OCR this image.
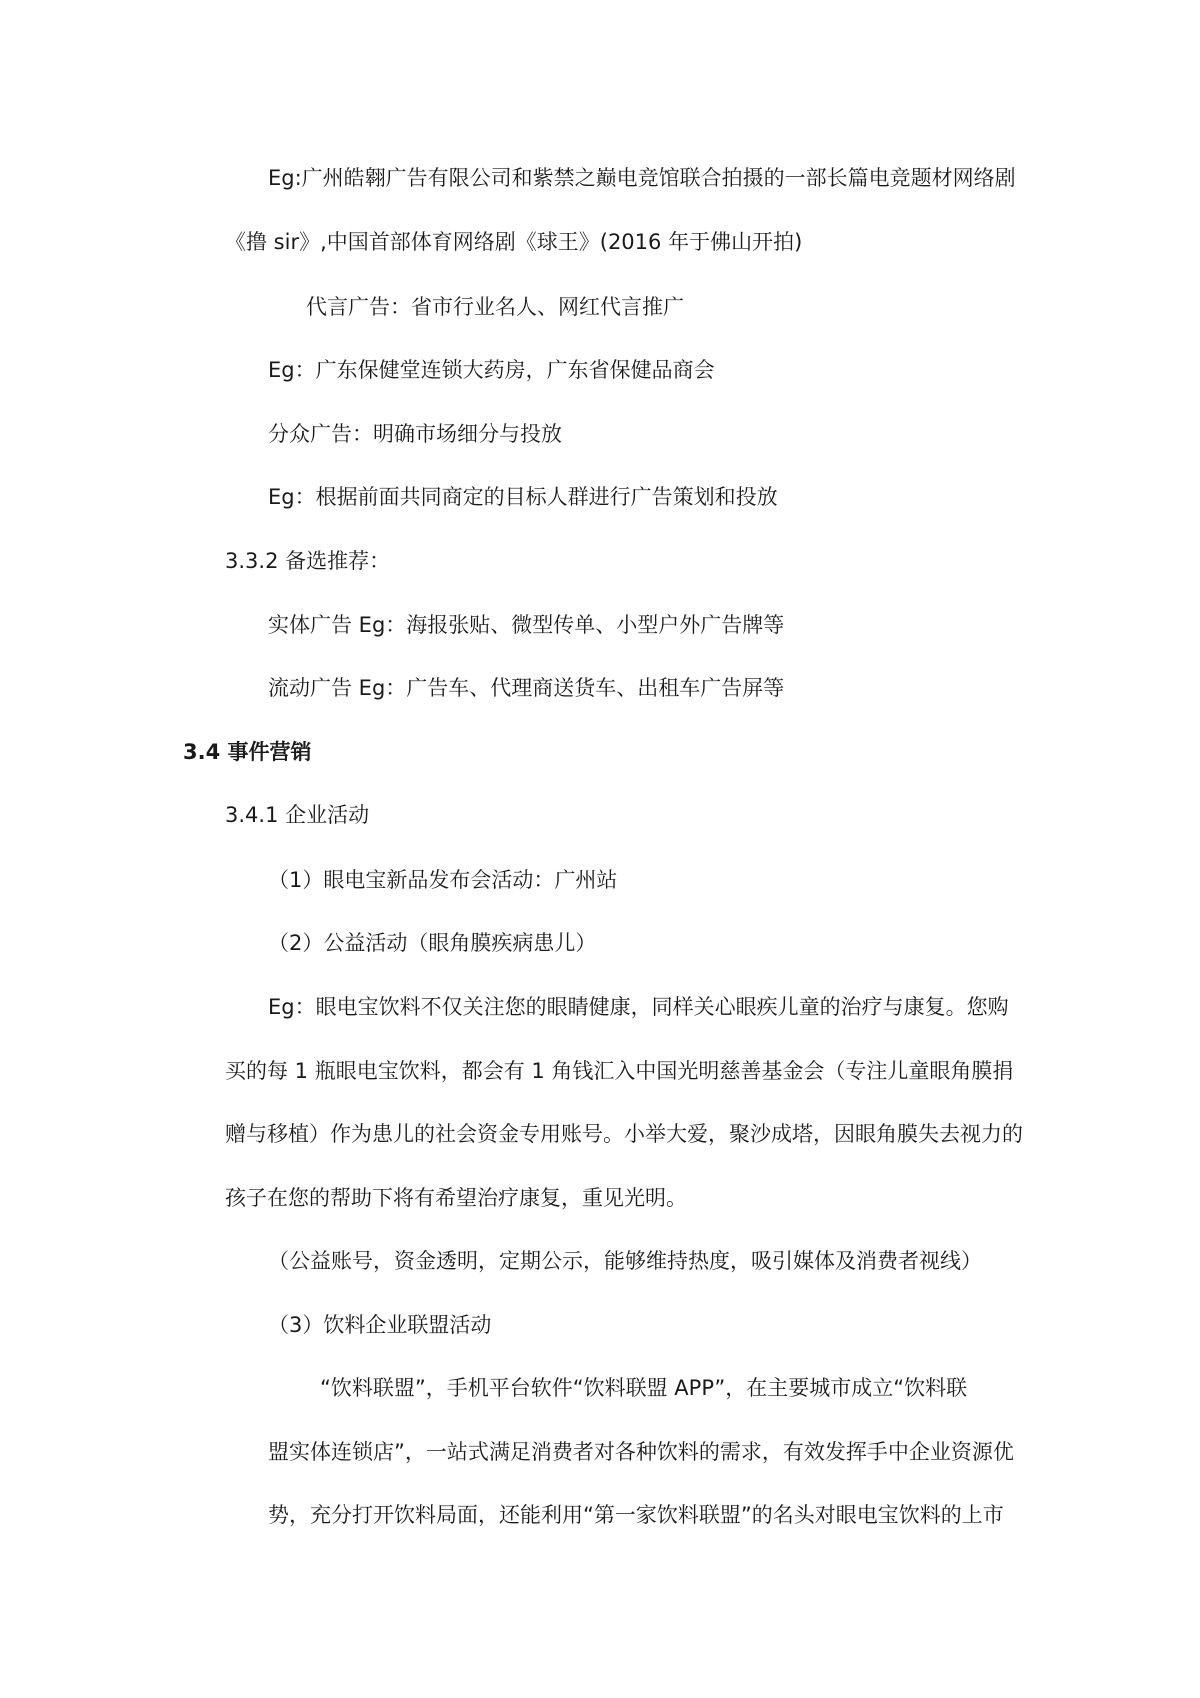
Eg:广州皓翱广告有限公司和紫禁之巅电竞馆联合拍摄的一部长篇电竞题材网络剧
《撸 sir》,中国首部体育网络剧《球王》(2016 年于佛山开拍)
代言广告：省市行业名人、网红代言推广
Eg：广东保健堂连锁大药房，广东省保健品商会
分众广告：明确市场细分与投放
Eg：根据前面共同商定的目标人群进行广告策划和投放
3.3.2 备选推荐：
实体广告 Eg：海报张贴、微型传单、小型户外广告牌等
流动广告 Eg：广告车、代理商送货车、出租车广告屏等
3.4 事件营销
3.4.1 企业活动
（1）眼电宝新品发布会活动：广州站
（2）公益活动（眼角膜疾病患儿）
Eg：眼电宝饮料不仅关注您的眼睛健康，同样关心眼疾儿童的治疗与康复。您购
买的每 1 瓶眼电宝饮料，都会有 1 角钱汇入中国光明慈善基金会（专注儿童眼角膜捐
赠与移植）作为患儿的社会资金专用账号。小举大爱，聚沙成塔，因眼角膜失去视力的
孩子在您的帮助下将有希望治疗康复，重见光明。
（公益账号，资金透明，定期公示，能够维持热度，吸引媒体及消费者视线）
（3）饮料企业联盟活动
“饮料联盟”，手机平台软件“饮料联盟 APP”，在主要城市成立“饮料联
盟实体连锁店”，一站式满足消费者对各种饮料的需求，有效发挥手中企业资源优
势，充分打开饮料局面，还能利用“第一家饮料联盟”的名头对眼电宝饮料的上市
